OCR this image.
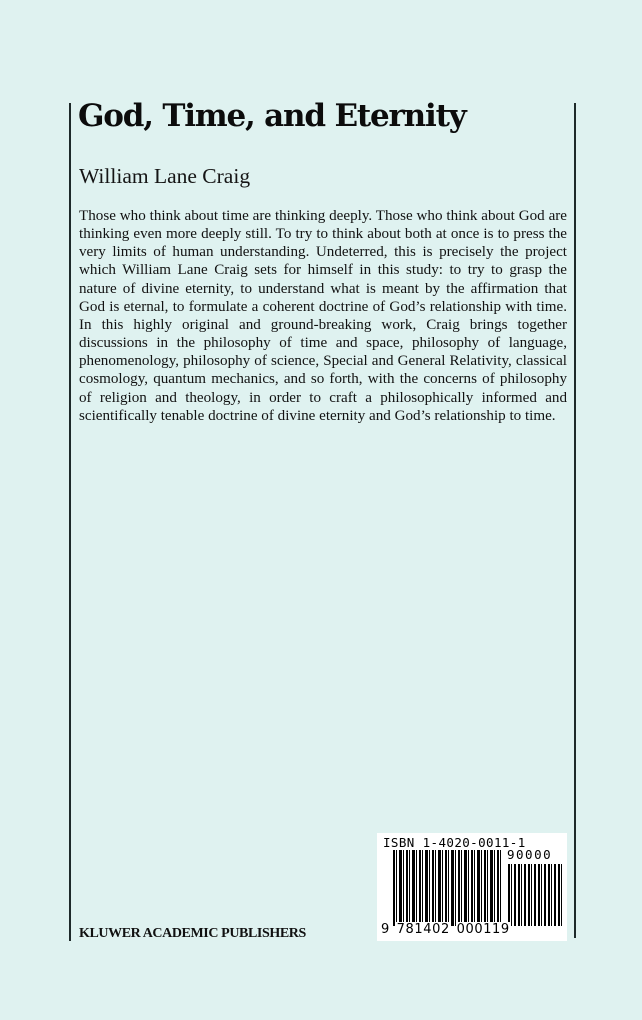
God, Time, and Eternity
William Lane Craig

Those who think about time are thinking deeply. Those who think about God are thinking even more deeply still. To try to think about both at once is to press the very limits of human understanding. Undeterred, this is precisely the project which William Lane Craig sets for himself in this study: to try to grasp the nature of divine eternity, to understand what is meant by the affirmation that God is eternal, to formulate a coherent doctrine of God’s relationship with time. In this highly original and ground-breaking work, Craig brings together discussions in the philosophy of time and space, philosophy of language, phenomenology, philosophy of science, Special and General Relativity, classical cosmology, quantum mechanics, and so forth, with the concerns of philosophy of religion and theology, in order to craft a philosophically informed and scientifically tenable doctrine of divine eternity and God’s relationship to time.

KLUWER ACADEMIC PUBLISHERS
ISBN 1-4020-0011-1
90000
9 781402 000119
